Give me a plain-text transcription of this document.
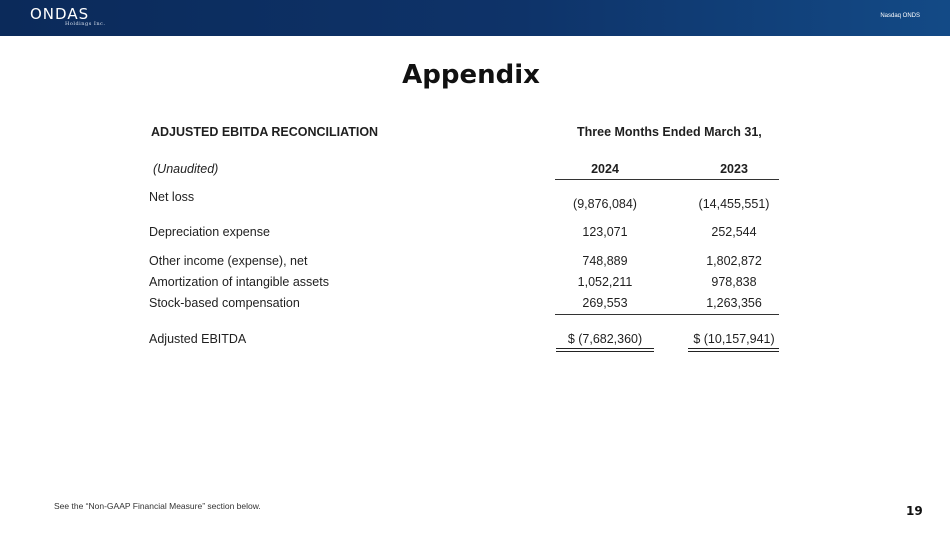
ONDAS
Holdings Inc.
Nasdaq ONDS
Appendix
ADJUSTED EBITDA RECONCILIATION	Three Months Ended March 31,
(Unaudited)	2024	2023
Net loss	(9,876,084)	(14,455,551)
Depreciation expense	123,071	252,544
Other income (expense), net	748,889	1,802,872
Amortization of intangible assets	1,052,211	978,838
Stock-based compensation	269,553	1,263,356
Adjusted EBITDA	$ (7,682,360)	$ (10,157,941)
See the “Non-GAAP Financial Measure” section below.	19
